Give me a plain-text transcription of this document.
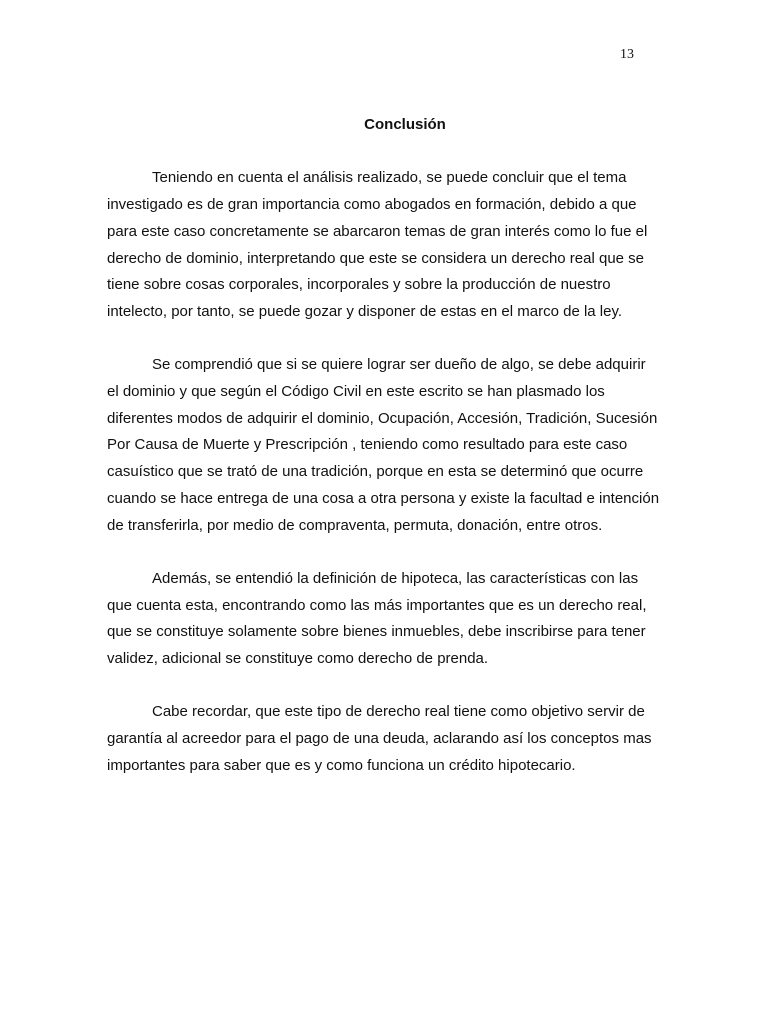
13
Conclusión
Teniendo en cuenta el análisis realizado, se puede concluir que el tema
investigado es de gran importancia como abogados en formación, debido a que
para este caso concretamente se abarcaron temas de gran interés como lo fue el
derecho de dominio, interpretando que este se considera un derecho real que se
tiene sobre cosas corporales, incorporales y sobre la producción de nuestro
intelecto, por tanto, se puede gozar y disponer de estas en el marco de la ley.
Se comprendió que si se quiere lograr ser dueño de algo, se debe adquirir
el dominio y que según el Código Civil en este escrito se han plasmado los
diferentes modos de adquirir el dominio, Ocupación, Accesión, Tradición, Sucesión
Por Causa de Muerte y Prescripción , teniendo como resultado para este caso
casuístico que se trató de una tradición, porque en esta se determinó que ocurre
cuando se hace entrega de una cosa a otra persona y existe la facultad e intención
de transferirla, por medio de compraventa, permuta, donación, entre otros.
Además, se entendió la definición de hipoteca, las características con las
que cuenta esta, encontrando como las más importantes que es un derecho real,
que se constituye solamente sobre bienes inmuebles, debe inscribirse para tener
validez, adicional se constituye como derecho de prenda.
Cabe recordar, que este tipo de derecho real tiene como objetivo servir de
garantía al acreedor para el pago de una deuda, aclarando así los conceptos mas
importantes para saber que es y como funciona un crédito hipotecario.
